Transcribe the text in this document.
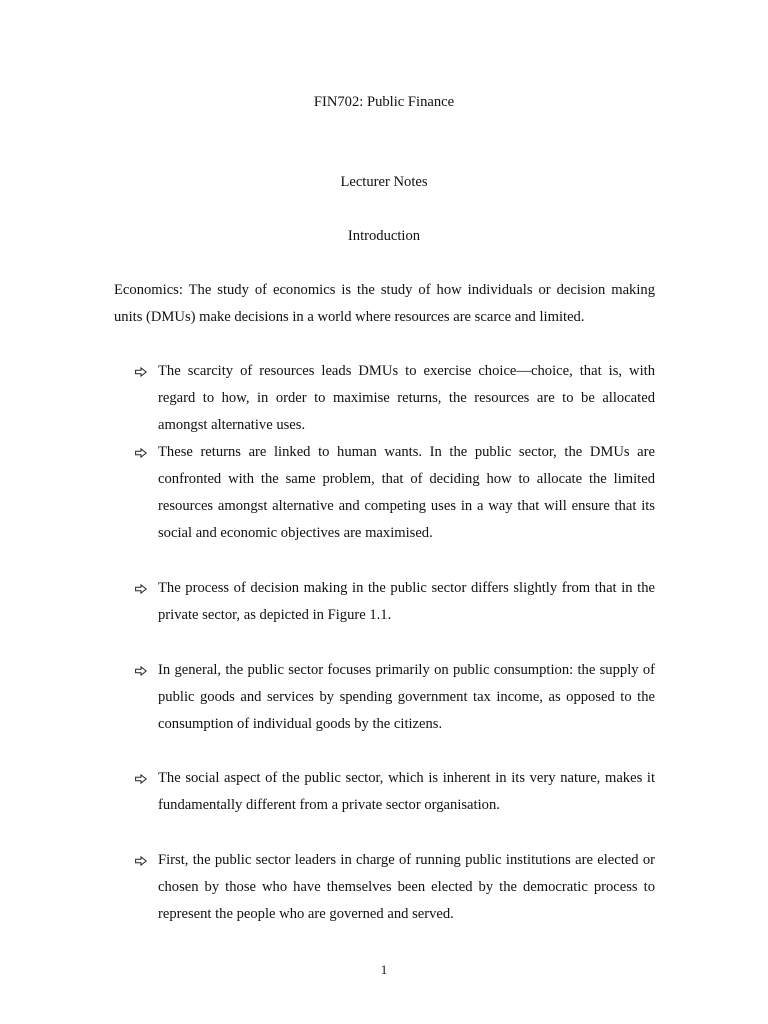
FIN702: Public Finance
Lecturer Notes
Introduction
Economics: The study of economics is the study of how individuals or decision making units (DMUs) make decisions in a world where resources are scarce and limited.
The scarcity of resources leads DMUs to exercise choice—choice, that is, with regard to how, in order to maximise returns, the resources are to be allocated amongst alternative uses.
These returns are linked to human wants. In the public sector, the DMUs are confronted with the same problem, that of deciding how to allocate the limited resources amongst alternative and competing uses in a way that will ensure that its social and economic objectives are maximised.
The process of decision making in the public sector differs slightly from that in the private sector, as depicted in Figure 1.1.
In general, the public sector focuses primarily on public consumption: the supply of public goods and services by spending government tax income, as opposed to the consumption of individual goods by the citizens.
The social aspect of the public sector, which is inherent in its very nature, makes it fundamentally different from a private sector organisation.
First, the public sector leaders in charge of running public institutions are elected or chosen by those who have themselves been elected by the democratic process to represent the people who are governed and served.
1
